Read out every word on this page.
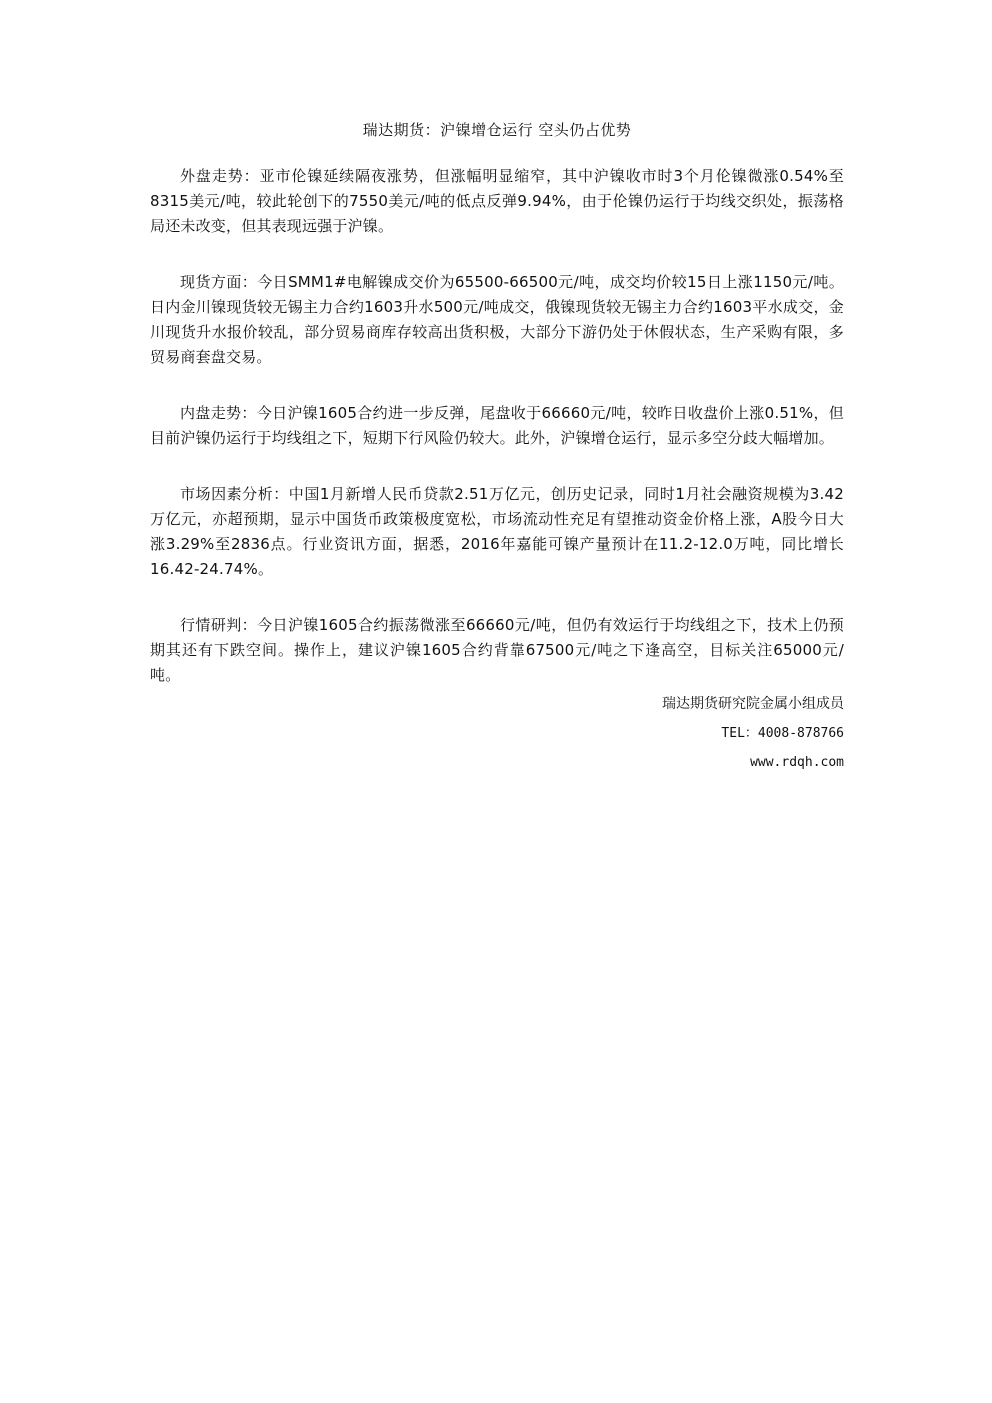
瑞达期货：沪镍增仓运行 空头仍占优势

外盘走势：亚市伦镍延续隔夜涨势，但涨幅明显缩窄，其中沪镍收市时3个月伦镍微涨0.54%至8315美元/吨，较此轮创下的7550美元/吨的低点反弹9.94%，由于伦镍仍运行于均线交织处，振荡格局还未改变，但其表现远强于沪镍。

现货方面：今日SMM1#电解镍成交价为65500-66500元/吨，成交均价较15日上涨1150元/吨。日内金川镍现货较无锡主力合约1603升水500元/吨成交，俄镍现货较无锡主力合约1603平水成交，金川现货升水报价较乱，部分贸易商库存较高出货积极，大部分下游仍处于休假状态，生产采购有限，多贸易商套盘交易。

内盘走势：今日沪镍1605合约进一步反弹，尾盘收于66660元/吨，较昨日收盘价上涨0.51%，但目前沪镍仍运行于均线组之下，短期下行风险仍较大。此外，沪镍增仓运行，显示多空分歧大幅增加。

市场因素分析：中国1月新增人民币贷款2.51万亿元，创历史记录，同时1月社会融资规模为3.42万亿元，亦超预期，显示中国货币政策极度宽松，市场流动性充足有望推动资金价格上涨，A股今日大涨3.29%至2836点。行业资讯方面，据悉，2016年嘉能可镍产量预计在11.2-12.0万吨，同比增长16.42-24.74%。

行情研判：今日沪镍1605合约振荡微涨至66660元/吨，但仍有效运行于均线组之下，技术上仍预期其还有下跌空间。操作上，建议沪镍1605合约背靠67500元/吨之下逢高空，目标关注65000元/吨。

瑞达期货研究院金属小组成员
TEL：4008-878766
www.rdqh.com
